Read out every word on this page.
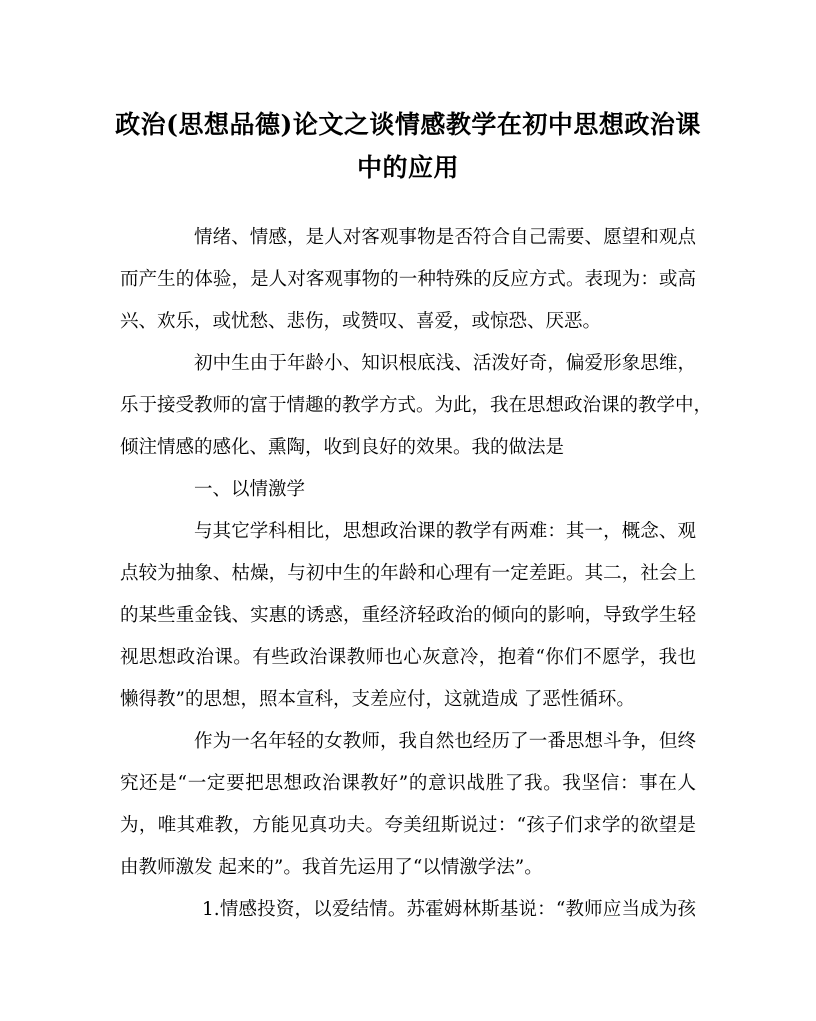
政治(思想品德)论文之谈情感教学在初中思想政治课
中的应用
情绪、情感，是人对客观事物是否符合自己需要、愿望和观点
而产生的体验，是人对客观事物的一种特殊的反应方式。表现为：或高
兴、欢乐，或忧愁、悲伤，或赞叹、喜爱，或惊恐、厌恶。
初中生由于年龄小、知识根底浅、活泼好奇，偏爱形象思维，
乐于接受教师的富于情趣的教学方式。为此，我在思想政治课的教学中，
倾注情感的感化、熏陶，收到良好的效果。我的做法是
一、以情激学
与其它学科相比，思想政治课的教学有两难：其一，概念、观
点较为抽象、枯燥，与初中生的年龄和心理有一定差距。其二，社会上
的某些重金钱、实惠的诱惑，重经济轻政治的倾向的影响，导致学生轻
视思想政治课。有些政治课教师也心灰意冷，抱着“你们不愿学，我也
懒得教”的思想，照本宣科，支差应付，这就造成 了恶性循环。
作为一名年轻的女教师，我自然也经历了一番思想斗争，但终
究还是“一定要把思想政治课教好”的意识战胜了我。我坚信：事在人
为，唯其难教，方能见真功夫。夸美纽斯说过：“孩子们求学的欲望是
由教师激发 起来的”。我首先运用了“以情激学法”。
1.情感投资，以爱结情。苏霍姆林斯基说：“教师应当成为孩
